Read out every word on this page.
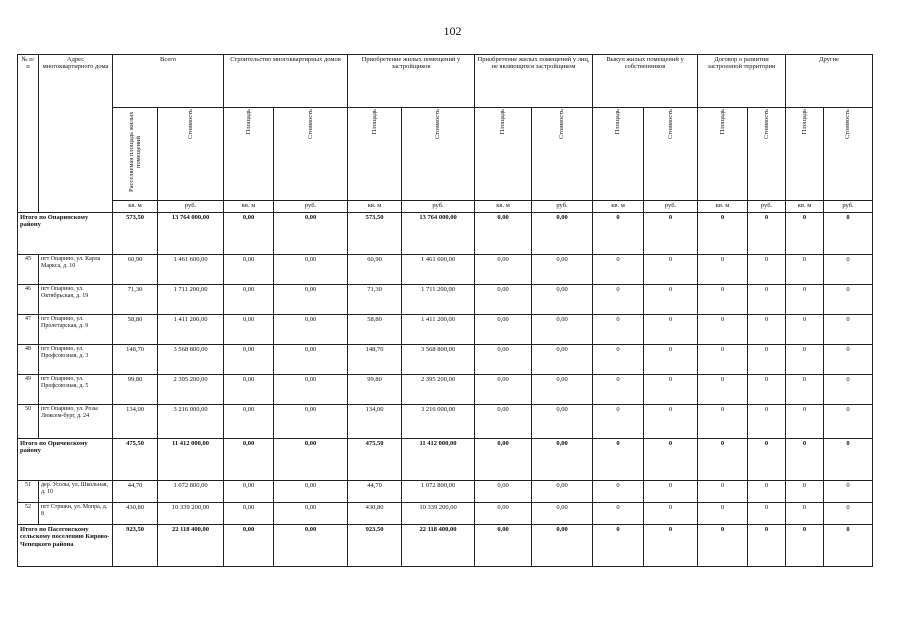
102
№ п/п	Адрес многоквартирного дома	Всего		Строительство многоквартирных домов		Приобретение жилых помещений у застройщиков		Приобретение жилых помещений у лиц, не являющихся застройщиком		Выкуп жилых помещений у собственников		Договор о развитии застроенной территории		Другие	
		Расселяемая площадь жилых помещений	Стоимость	Площадь	Стоимость	Площадь	Стоимость	Площадь	Стоимость	Площадь	Стоимость	Площадь	Стоимость	Площадь	Стоимость
		кв. м	руб.	кв. м	руб.	кв. м	руб.	кв. м	руб.	кв. м	руб.	кв. м	руб.	кв. м	руб.
Итого по Опаринскому району		573,50	13 764 000,00	0,00	0,00	573,50	13 764 000,00	0,00	0,00	0	0	0	0	0	0
45	пгт Опарино, ул. Карла Маркса, д. 10	60,90	1 461 600,00	0,00	0,00	60,90	1 461 600,00	0,00	0,00	0	0	0	0	0	0
46	пгт Опарино, ул. Октябрьская, д. 19	71,30	1 711 200,00	0,00	0,00	71,30	1 711 200,00	0,00	0,00	0	0	0	0	0	0
47	пгт Опарино, ул. Пролетарская, д. 9	58,80	1 411 200,00	0,00	0,00	58,80	1 411 200,00	0,00	0,00	0	0	0	0	0	0
48	пгт Опарино, ул. Профсоюзная, д. 3	148,70	3 568 800,00	0,00	0,00	148,70	3 568 800,00	0,00	0,00	0	0	0	0	0	0
49	пгт Опарино, ул. Профсоюзная, д. 5	99,80	2 395 200,00	0,00	0,00	99,80	2 395 200,00	0,00	0,00	0	0	0	0	0	0
50	пгт Опарино, ул. Розы Люксем-бург, д. 24	134,00	3 216 000,00	0,00	0,00	134,00	3 216 000,00	0,00	0,00	0	0	0	0	0	0
Итого по Оричевскому району		475,50	11 412 000,00	0,00	0,00	475,50	11 412 000,00	0,00	0,00	0	0	0	0	0	0
51	дер. Усолы, ул. Школьная, д. 10	44,70	1 072 800,00	0,00	0,00	44,70	1 072 800,00	0,00	0,00	0	0	0	0	0	0
52	пгт Стрижи, ул. Мопра, д. 8	430,80	10 339 200,00	0,00	0,00	430,80	10 339 200,00	0,00	0,00	0	0	0	0	0	0
Итого по Пасеговскому сельскому поселению Кирово-Чепецкого района		923,50	22 118 400,00	0,00	0,00	923,50	22 118 400,00	0,00	0,00	0	0	0	0	0	0
